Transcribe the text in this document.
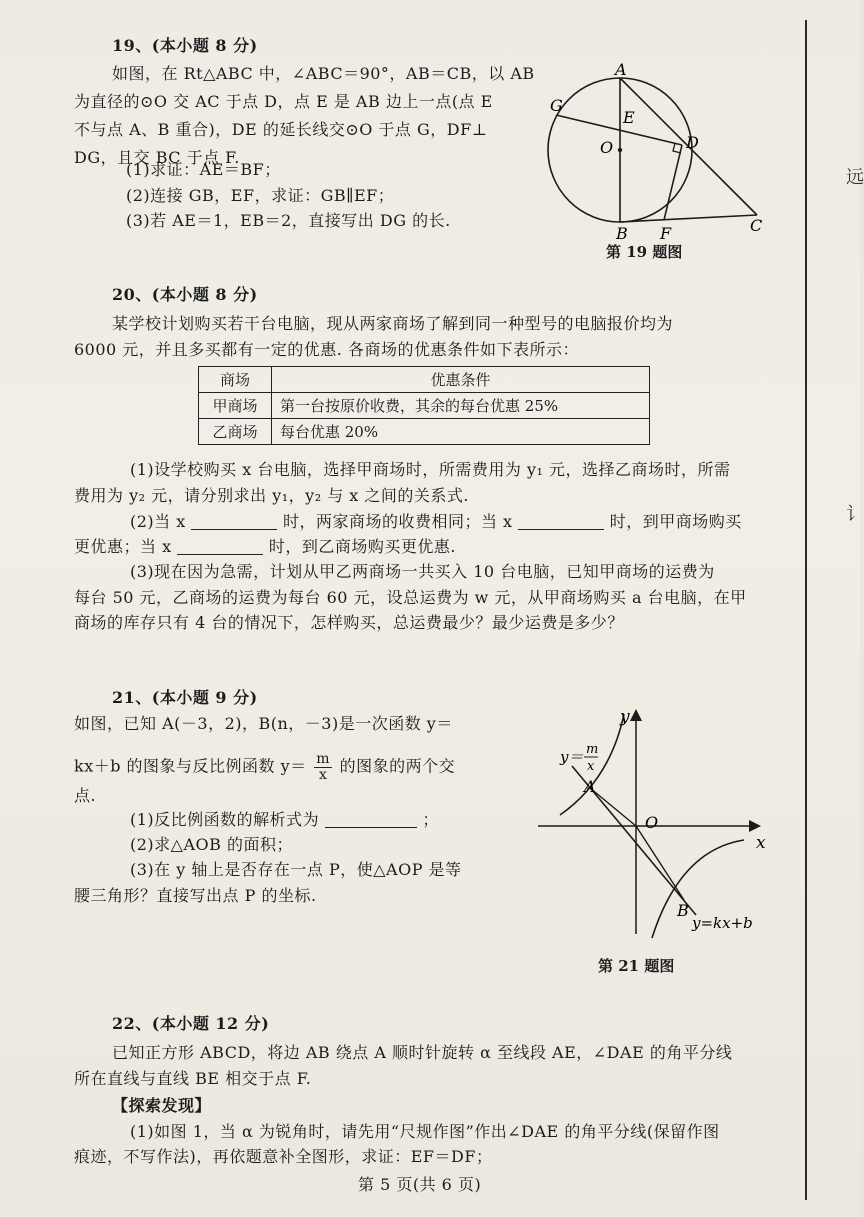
远
讠
19、(本小题 8 分)
如图，在 Rt△ABC 中，∠ABC＝90°，AB＝CB，以 AB
为直径的⊙O 交 AC 于点 D，点 E 是 AB 边上一点(点 E
不与点 A、B 重合)，DE 的延长线交⊙O 于点 G，DF⊥
DG，且交 BC 于点 F.
(1)求证：AE＝BF；
(2)连接 GB，EF，求证：GB∥EF；
(3)若 AE＝1，EB＝2，直接写出 DG 的长.
A
G
E
O	D
B F	C
第 19 题图
20、(本小题 8 分)
某学校计划购买若干台电脑，现从两家商场了解到同一种型号的电脑报价均为
6000 元，并且多买都有一定的优惠. 各商场的优惠条件如下表所示：
商场	优惠条件
甲商场	第一台按原价收费，其余的每台优惠 25%
乙商场	每台优惠 20%
(1)设学校购买 x 台电脑，选择甲商场时，所需费用为 y₁ 元，选择乙商场时，所需
费用为 y₂ 元，请分别求出 y₁，y₂ 与 x 之间的关系式.
(2)当 x	时，两家商场的收费相同；当 x	时，到甲商场购买
更优惠；当 x	时，到乙商场购买更优惠.
(3)现在因为急需，计划从甲乙两商场一共买入 10 台电脑，已知甲商场的运费为
每台 50 元，乙商场的运费为每台 60 元，设总运费为 w 元，从甲商场购买 a 台电脑，在甲
商场的库存只有 4 台的情况下，怎样购买，总运费最少？最少运费是多少？
21、(本小题 9 分)
如图，已知 A(－3，2)，B(n，－3)是一次函数 y＝
kx＋b 的图象与反比例函数 $y= \frac{m}{x}$ 的图象的两个交
点.
(1)反比例函数的解析式为	；
(2)求△AOB 的面积；
(3)在 y 轴上是否存在一点 P，使△AOP 是等
腰三角形？直接写出点 P 的坐标.
y
x
O
A
B
y＝ m
x
y=kx+b
第 21 题图
22、(本小题 12 分)
已知正方形 ABCD，将边 AB 绕点 A 顺时针旋转 α 至线段 AE，∠DAE 的角平分线
所在直线与直线 BE 相交于点 F.
【探索发现】
(1)如图 1，当 α 为锐角时，请先用“尺规作图”作出∠DAE 的角平分线(保留作图
痕迹，不写作法)，再依题意补全图形，求证：EF＝DF；
第 5 页(共 6 页)
